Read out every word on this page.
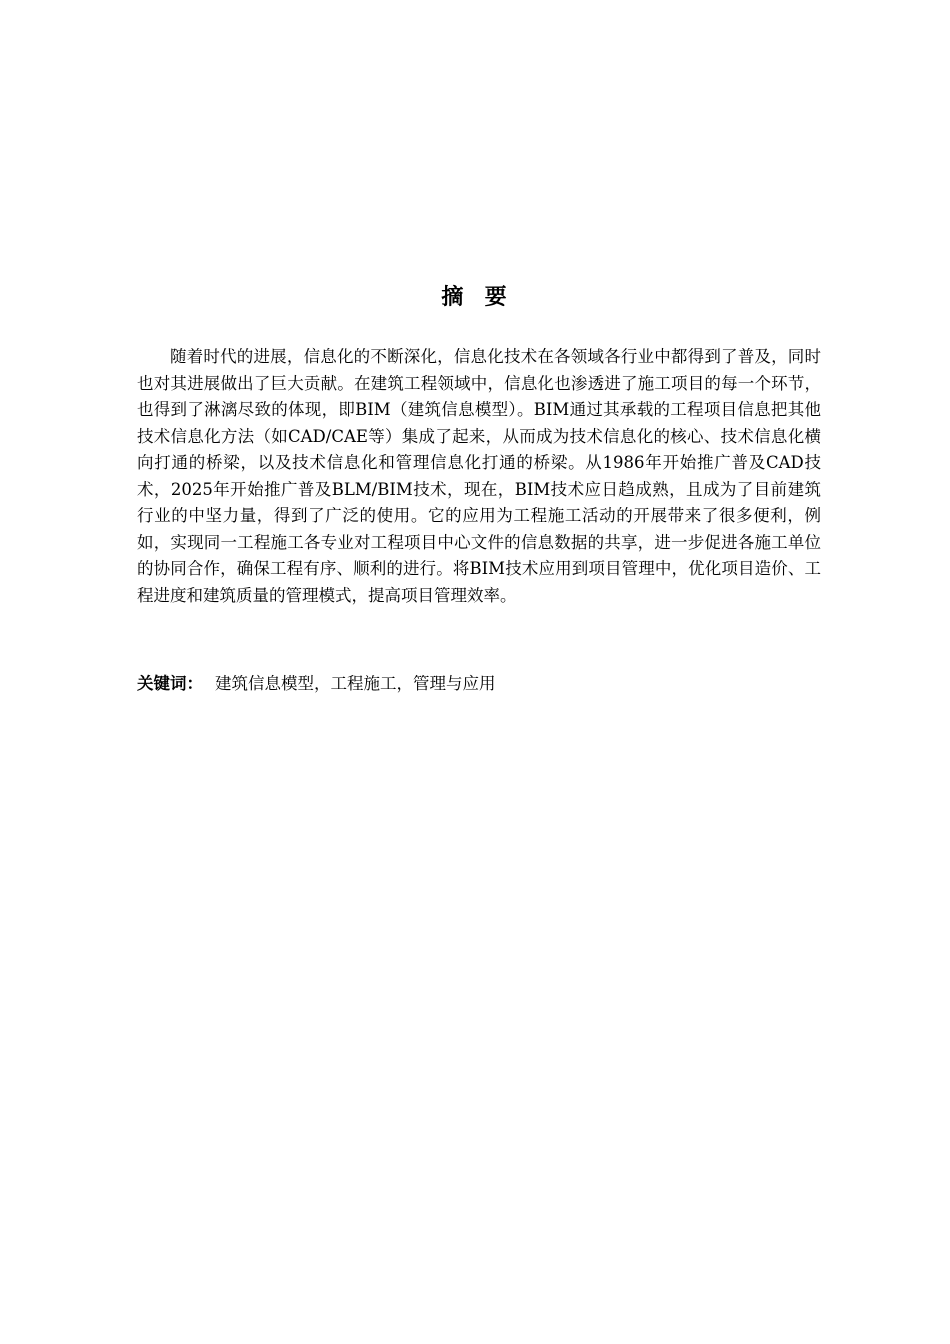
摘  要

随着时代的进展，信息化的不断深化，信息化技术在各领域各行业中都得到了普及，同时也对其进展做出了巨大贡献。在建筑工程领域中，信息化也渗透进了施工项目的每一个环节，也得到了淋漓尽致的体现，即BIM（建筑信息模型）。BIM通过其承载的工程项目信息把其他技术信息化方法（如CAD/CAE等）集成了起来，从而成为技术信息化的核心、技术信息化横向打通的桥梁，以及技术信息化和管理信息化打通的桥梁。从1986年开始推广普及CAD技术，2025年开始推广普及BLM/BIM技术，现在，BIM技术应日趋成熟，且成为了目前建筑行业的中坚力量，得到了广泛的使用。它的应用为工程施工活动的开展带来了很多便利，例如，实现同一工程施工各专业对工程项目中心文件的信息数据的共享，进一步促进各施工单位的协同合作，确保工程有序、顺利的进行。将BIM技术应用到项目管理中，优化项目造价、工程进度和建筑质量的管理模式，提高项目管理效率。

关键词： 建筑信息模型，工程施工，管理与应用
